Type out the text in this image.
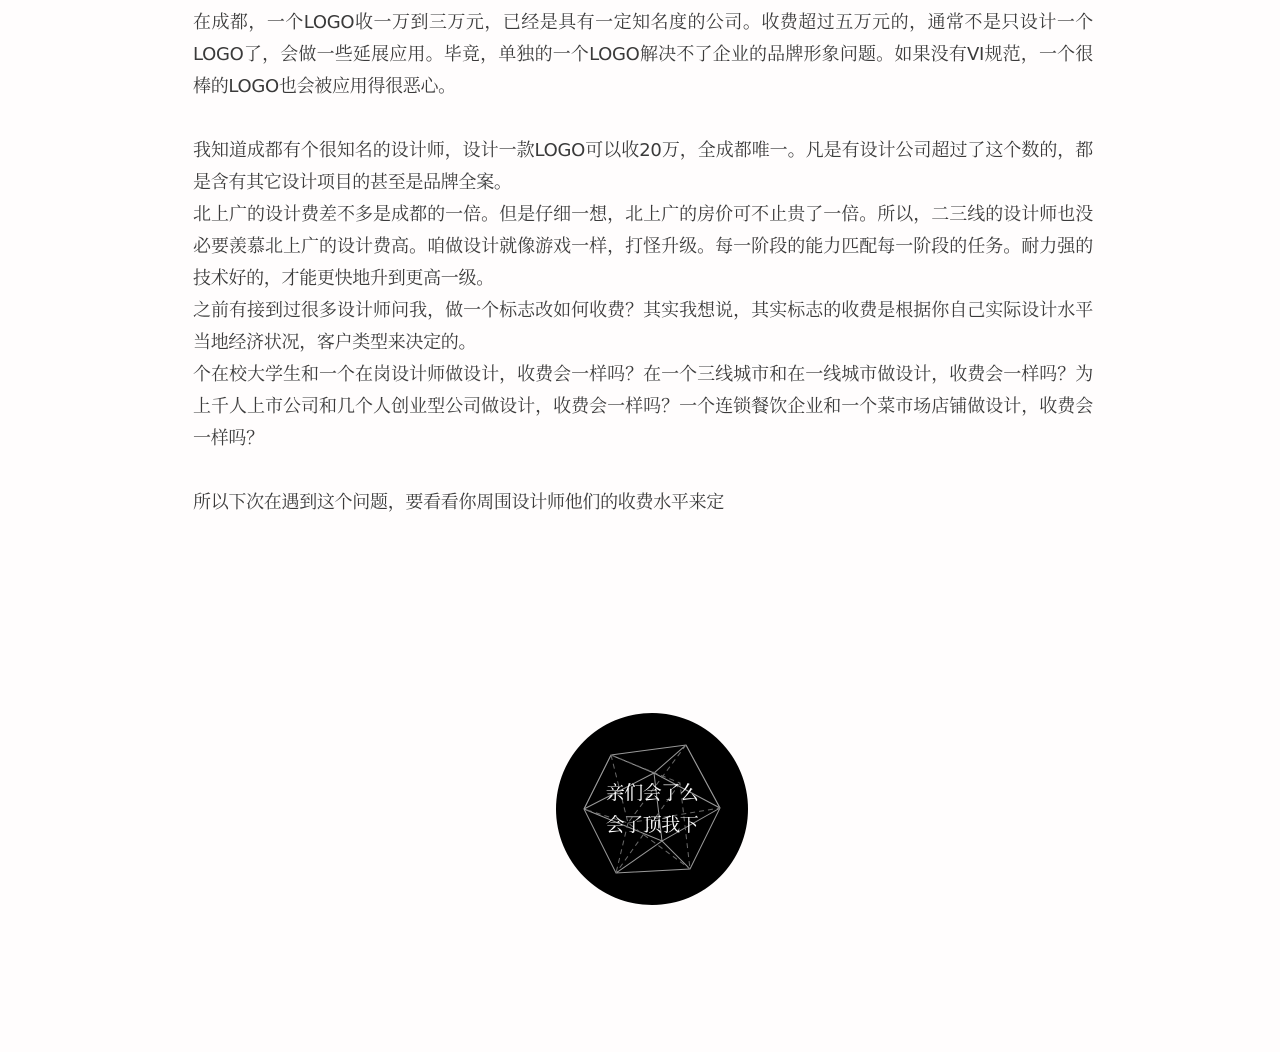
在成都，一个LOGO收一万到三万元，已经是具有一定知名度的公司。收费超过五万元的，通常不是只设计一个
LOGO了，会做一些延展应用。毕竟，单独的一个LOGO解决不了企业的品牌形象问题。如果没有VI规范，一个很
棒的LOGO也会被应用得很恶心。

我知道成都有个很知名的设计师，设计一款LOGO可以收20万，全成都唯一。凡是有设计公司超过了这个数的，都
是含有其它设计项目的甚至是品牌全案。

北上广的设计费差不多是成都的一倍。但是仔细一想，北上广的房价可不止贵了一倍。所以，二三线的设计师也没
必要羡慕北上广的设计费高。咱做设计就像游戏一样，打怪升级。每一阶段的能力匹配每一阶段的任务。耐力强的
技术好的，才能更快地升到更高一级。

之前有接到过很多设计师问我，做一个标志改如何收费？其实我想说，其实标志的收费是根据你自己实际设计水平
当地经济状况，客户类型来决定的。

个在校大学生和一个在岗设计师做设计，收费会一样吗？在一个三线城市和在一线城市做设计，收费会一样吗？为
上千人上市公司和几个人创业型公司做设计，收费会一样吗？一个连锁餐饮企业和一个菜市场店铺做设计，收费会
一样吗？

所以下次在遇到这个问题，要看看你周围设计师他们的收费水平来定

亲们会了么
会了顶我下
